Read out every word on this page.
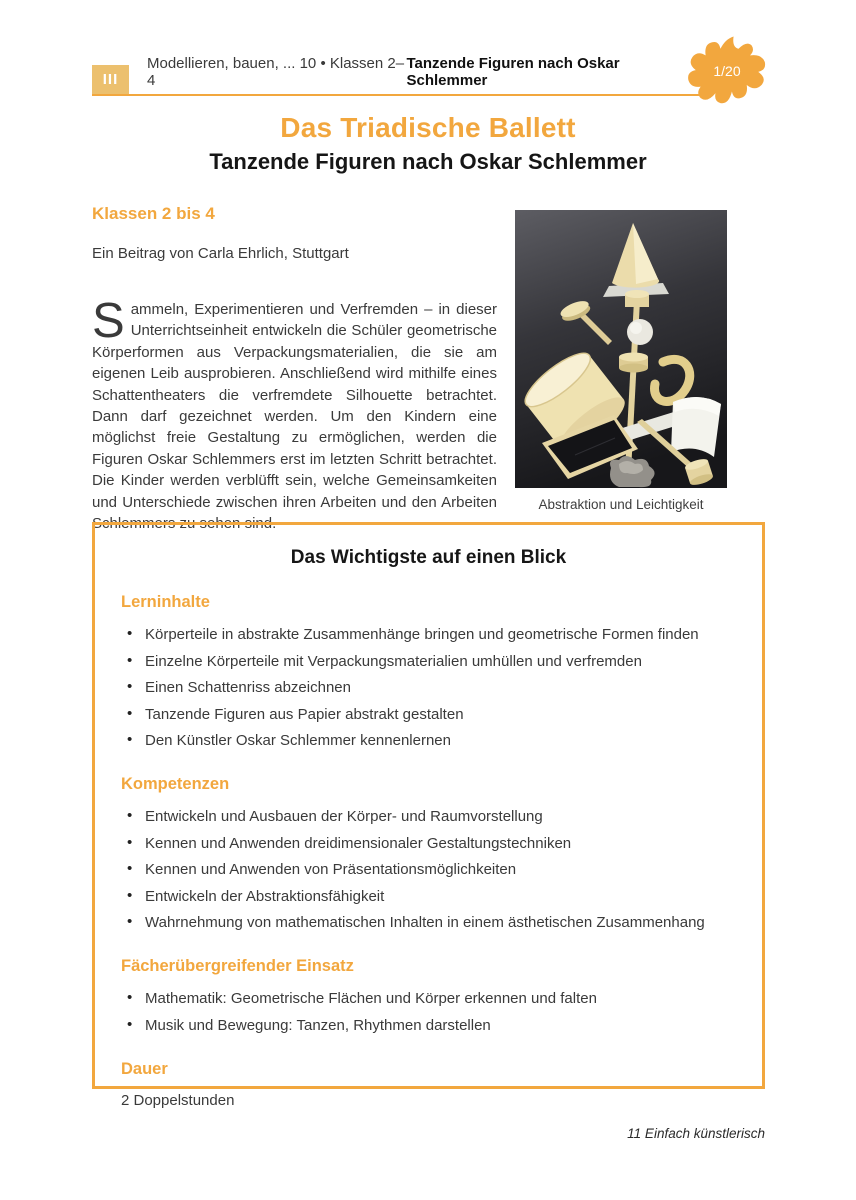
III
Modellieren, bauen, ... 10 • Klassen 2–4
Tanzende Figuren nach Oskar Schlemmer
1/20
Das Triadische Ballett
Tanzende Figuren nach Oskar Schlemmer
Klassen 2 bis 4
Ein Beitrag von Carla Ehrlich, Stuttgart

Sammeln, Experimentieren und Verfremden – in dieser Unterrichtseinheit entwickeln die Schüler geometrische Körperformen aus Verpackungsmaterialien, die sie am eigenen Leib ausprobieren. Anschließend wird mithilfe eines Schattentheaters die verfremdete Silhouette betrachtet. Dann darf gezeichnet werden. Um den Kindern eine möglichst freie Gestaltung zu ermöglichen, werden die Figuren Oskar Schlemmers erst im letzten Schritt betrachtet. Die Kinder werden verblüfft sein, welche Gemeinsamkeiten und Unterschiede zwischen ihren Arbeiten und den Arbeiten Schlemmers zu sehen sind.

Abstraktion und Leichtigkeit
Das Wichtigste auf einen Blick
Lerninhalte
• Körperteile in abstrakte Zusammenhänge bringen und geometrische Formen finden
• Einzelne Körperteile mit Verpackungsmaterialien umhüllen und verfremden
• Einen Schattenriss abzeichnen
• Tanzende Figuren aus Papier abstrakt gestalten
• Den Künstler Oskar Schlemmer kennenlernen
Kompetenzen
• Entwickeln und Ausbauen der Körper- und Raumvorstellung
• Kennen und Anwenden dreidimensionaler Gestaltungstechniken
• Kennen und Anwenden von Präsentationsmöglichkeiten
• Entwickeln der Abstraktionsfähigkeit
• Wahrnehmung von mathematischen Inhalten in einem ästhetischen Zusammenhang
Fächerübergreifender Einsatz
• Mathematik: Geometrische Flächen und Körper erkennen und falten
• Musik und Bewegung: Tanzen, Rhythmen darstellen
Dauer
2 Doppelstunden
11 Einfach künstlerisch
